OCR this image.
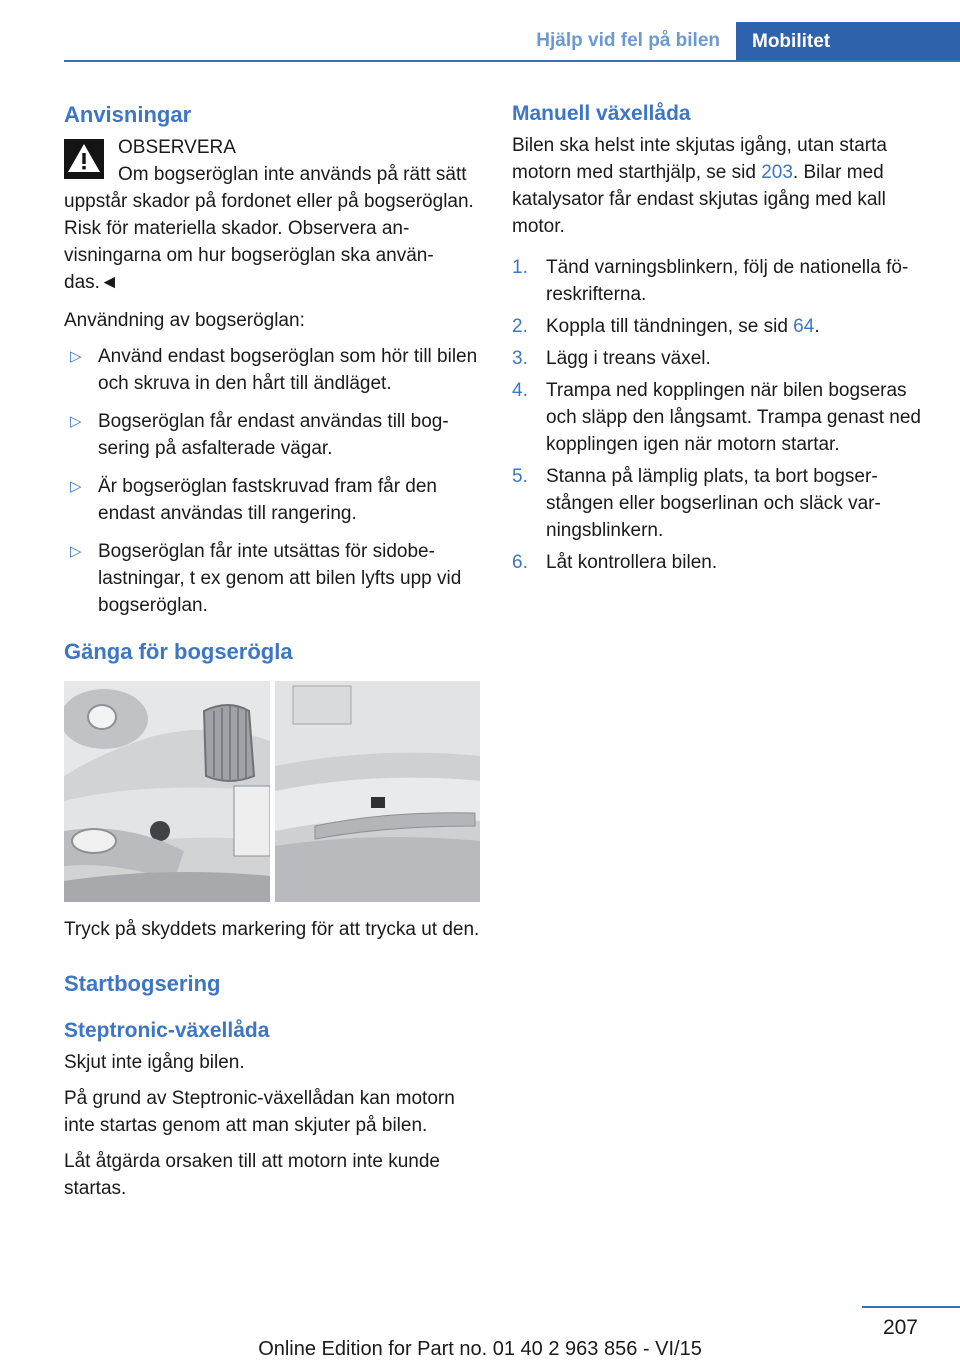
Hjälp vid fel på bilen	Mobilitet
Anvisningar
OBSERVERA
Om bogseröglan inte används på rätt sätt uppstår skador på fordonet eller på bogseröglan. Risk för materiella skador. Observera anvisningarna om hur bogseröglan ska användas.◄

Användning av bogseröglan:

▷ Använd endast bogseröglan som hör till bilen och skruva in den hårt till ändläget.
▷ Bogseröglan får endast användas till bogsering på asfalterade vägar.
▷ Är bogseröglan fastskruvad fram får den endast användas till rangering.
▷ Bogseröglan får inte utsättas för sidobelastningar, t ex genom att bilen lyfts upp vid bogseröglan.
Gänga för bogserögla

Tryck på skyddets markering för att trycka ut den.

Startbogsering
Steptronic-växellåda

Skjut inte igång bilen.

På grund av Steptronic-växellådan kan motorn inte startas genom att man skjuter på bilen.

Låt åtgärda orsaken till att motorn inte kunde startas.

Manuell växellåda

Bilen ska helst inte skjutas igång, utan starta motorn med starthjälp, se sid 203. Bilar med katalysator får endast skjutas igång med kall motor.

1. Tänd varningsblinkern, följ de nationella föreskrifterna.
2. Koppla till tändningen, se sid 64.
3. Lägg i treans växel.
4. Trampa ned kopplingen när bilen bogseras och släpp den långsamt. Trampa genast ned kopplingen igen när motorn startar.
5. Stanna på lämplig plats, ta bort bogserstången eller bogserlinan och släck varningsblinkern.
6. Låt kontrollera bilen.
207
Online Edition for Part no. 01 40 2 963 856 - VI/15
